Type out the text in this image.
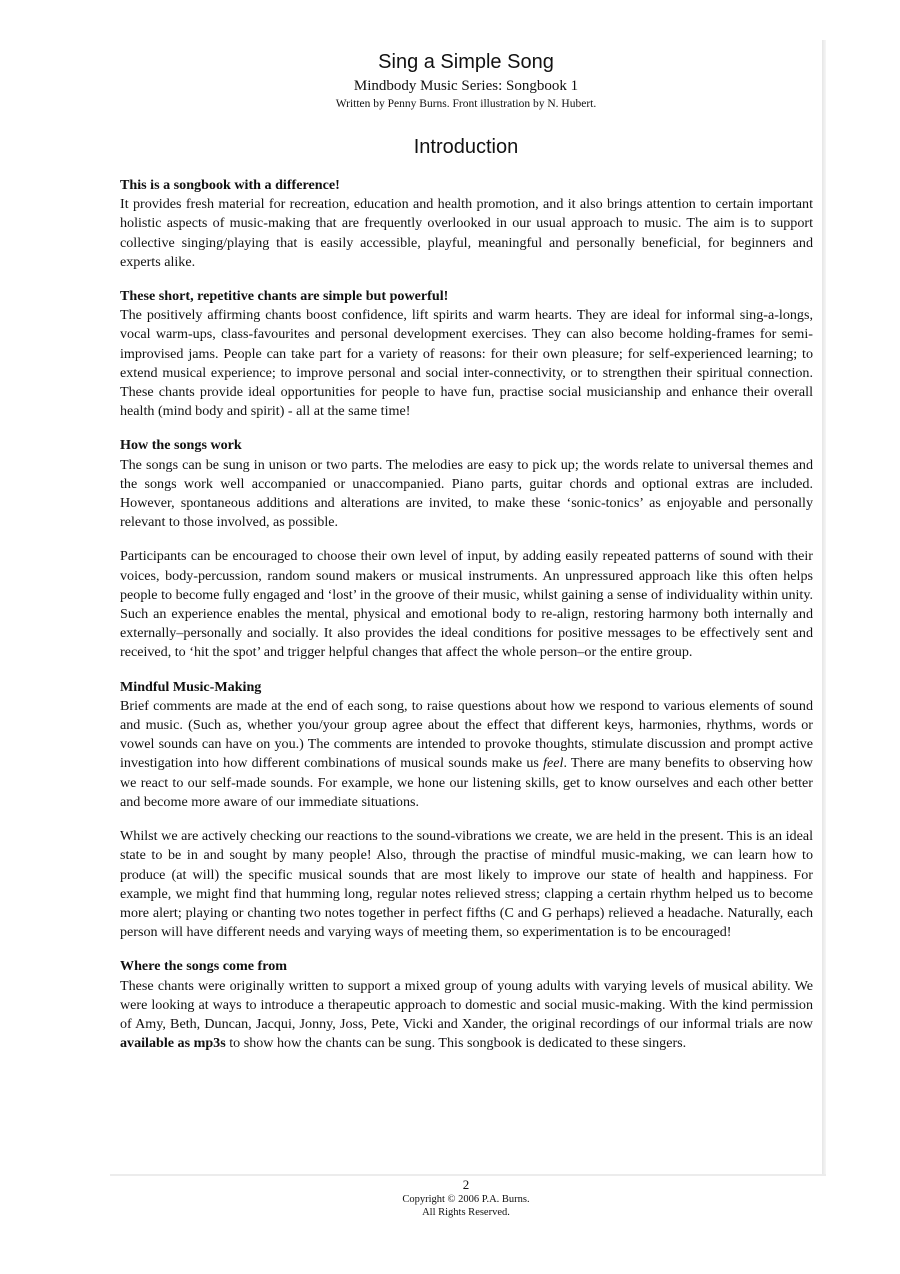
Sing a Simple Song
Mindbody Music Series: Songbook 1
Written by Penny Burns. Front illustration by N. Hubert.
Introduction
This is a songbook with a difference!

It provides fresh material for recreation, education and health promotion, and it also brings attention to certain important holistic aspects of music-making that are frequently overlooked in our usual approach to music. The aim is to support collective singing/playing that is easily accessible, playful, meaningful and personally beneficial, for beginners and experts alike.

These short, repetitive chants are simple but powerful!

The positively affirming chants boost confidence, lift spirits and warm hearts. They are ideal for informal sing-a-longs, vocal warm-ups, class-favourites and personal development exercises. They can also become holding-frames for semi-improvised jams. People can take part for a variety of reasons: for their own pleasure; for self-experienced learning; to extend musical experience; to improve personal and social inter-connectivity, or to strengthen their spiritual connection. These chants provide ideal opportunities for people to have fun, practise social musicianship and enhance their overall health (mind body and spirit) - all at the same time!

How the songs work

The songs can be sung in unison or two parts. The melodies are easy to pick up; the words relate to universal themes and the songs work well accompanied or unaccompanied. Piano parts, guitar chords and optional extras are included. However, spontaneous additions and alterations are invited, to make these ‘sonic-tonics’ as enjoyable and personally relevant to those involved, as possible.

Participants can be encouraged to choose their own level of input, by adding easily repeated patterns of sound with their voices, body-percussion, random sound makers or musical instruments. An unpressured approach like this often helps people to become fully engaged and ‘lost’ in the groove of their music, whilst gaining a sense of individuality within unity. Such an experience enables the mental, physical and emotional body to re-align, restoring harmony both internally and externally–personally and socially. It also provides the ideal conditions for positive messages to be effectively sent and received, to ‘hit the spot’ and trigger helpful changes that affect the whole person–or the entire group.

Mindful Music-Making

Brief comments are made at the end of each song, to raise questions about how we respond to various elements of sound and music. (Such as, whether you/your group agree about the effect that different keys, harmonies, rhythms, words or vowel sounds can have on you.) The comments are intended to provoke thoughts, stimulate discussion and prompt active investigation into how different combinations of musical sounds make us feel. There are many benefits to observing how we react to our self-made sounds. For example, we hone our listening skills, get to know ourselves and each other better and become more aware of our immediate situations.

Whilst we are actively checking our reactions to the sound-vibrations we create, we are held in the present. This is an ideal state to be in and sought by many people! Also, through the practise of mindful music-making, we can learn how to produce (at will) the specific musical sounds that are most likely to improve our state of health and happiness. For example, we might find that humming long, regular notes relieved stress; clapping a certain rhythm helped us to become more alert; playing or chanting two notes together in perfect fifths (C and G perhaps) relieved a headache. Naturally, each person will have different needs and varying ways of meeting them, so experimentation is to be encouraged!

Where the songs come from

These chants were originally written to support a mixed group of young adults with varying levels of musical ability. We were looking at ways to introduce a therapeutic approach to domestic and social music-making. With the kind permission of Amy, Beth, Duncan, Jacqui, Jonny, Joss, Pete, Vicki and Xander, the original recordings of our informal trials are now available as mp3s to show how the chants can be sung. This songbook is dedicated to these singers.

2
Copyright © 2006 P.A. Burns.
All Rights Reserved.
